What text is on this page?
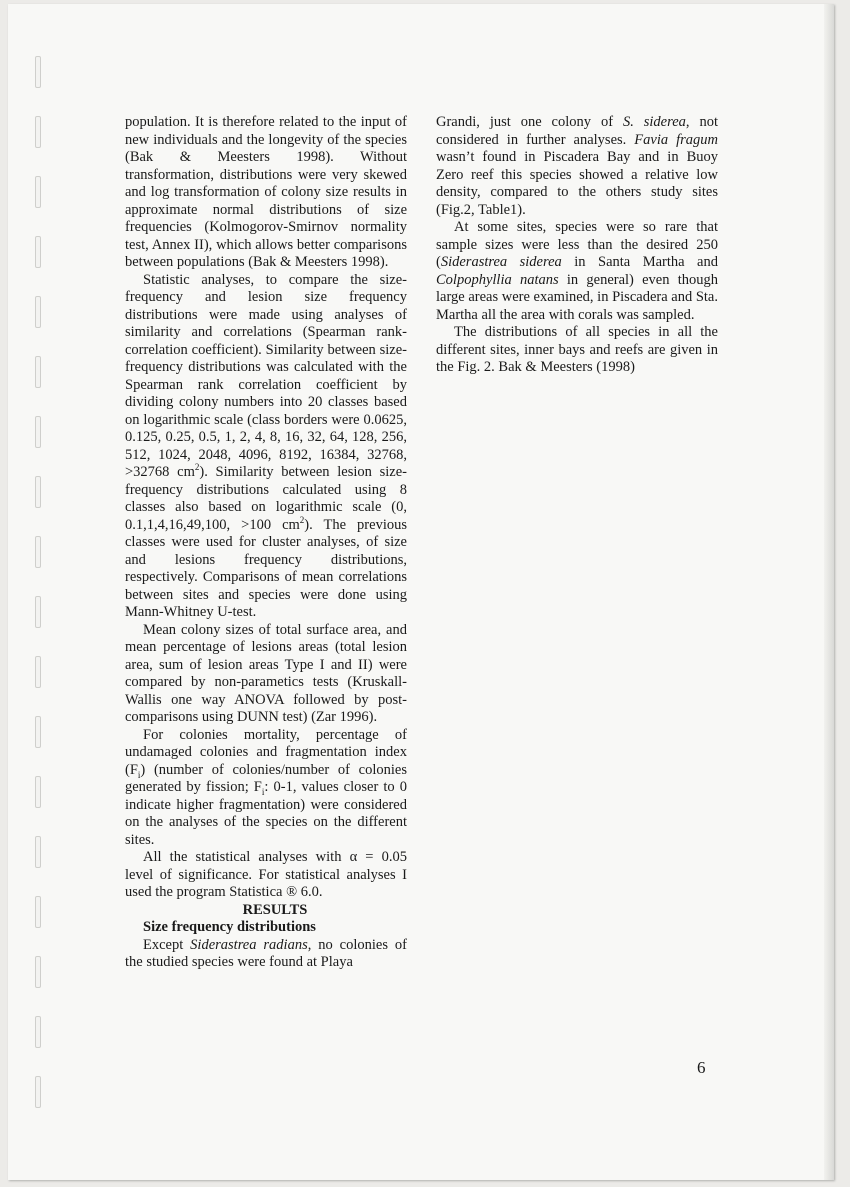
population. It is therefore related to the input of new individuals and the longevity of the species (Bak & Meesters 1998). Without transformation, distributions were very skewed and log transformation of colony size results in approximate normal distributions of size frequencies (Kolmogorov-Smirnov normality test, Annex II), which allows better comparisons between populations (Bak & Meesters 1998).

Statistic analyses, to compare the size-frequency and lesion size frequency distributions were made using analyses of similarity and correlations (Spearman rank-correlation coefficient). Similarity between size-frequency distributions was calculated with the Spearman rank correlation coefficient by dividing colony numbers into 20 classes based on logarithmic scale (class borders were 0.0625, 0.125, 0.25, 0.5, 1, 2, 4, 8, 16, 32, 64, 128, 256, 512, 1024, 2048, 4096, 8192, 16384, 32768, >32768 $cm^2$). Similarity between lesion size-frequency distributions calculated using 8 classes also based on logarithmic scale (0, 0.1,1,4,16,49,100, >100 $cm^2$). The previous classes were used for cluster analyses, of size and lesions frequency distributions, respectively. Comparisons of mean correlations between sites and species were done using Mann-Whitney U-test.

Mean colony sizes of total surface area, and mean percentage of lesions areas (total lesion area, sum of lesion areas Type I and II) were compared by non-parametics tests (Kruskall-Wallis one way ANOVA followed by post-comparisons using DUNN test) (Zar 1996).

For colonies mortality, percentage of undamaged colonies and fragmentation index $(F_i)$ (number of colonies/number of colonies generated by fission; $F_i$: 0-1, values closer to 0 indicate higher fragmentation) were considered on the analyses of the species on the different sites.

All the statistical analyses with α = 0.05 level of significance. For statistical analyses I used the program Statistica ® 6.0.

RESULTS

Size frequency distributions

Except Siderastrea radians, no colonies of the studied species were found at Playa

Grandi, just one colony of S. siderea, not considered in further analyses. Favia fragum wasn’t found in Piscadera Bay and in Buoy Zero reef this species showed a relative low density, compared to the others study sites (Fig.2, Table1).

At some sites, species were so rare that sample sizes were less than the desired 250 (Siderastrea siderea in Santa Martha and Colpophyllia natans in general) even though large areas were examined, in Piscadera and Sta. Martha all the area with corals was sampled.

The distributions of all species in all the different sites, inner bays and reefs are given in the Fig. 2. Bak & Meesters (1998)

6
